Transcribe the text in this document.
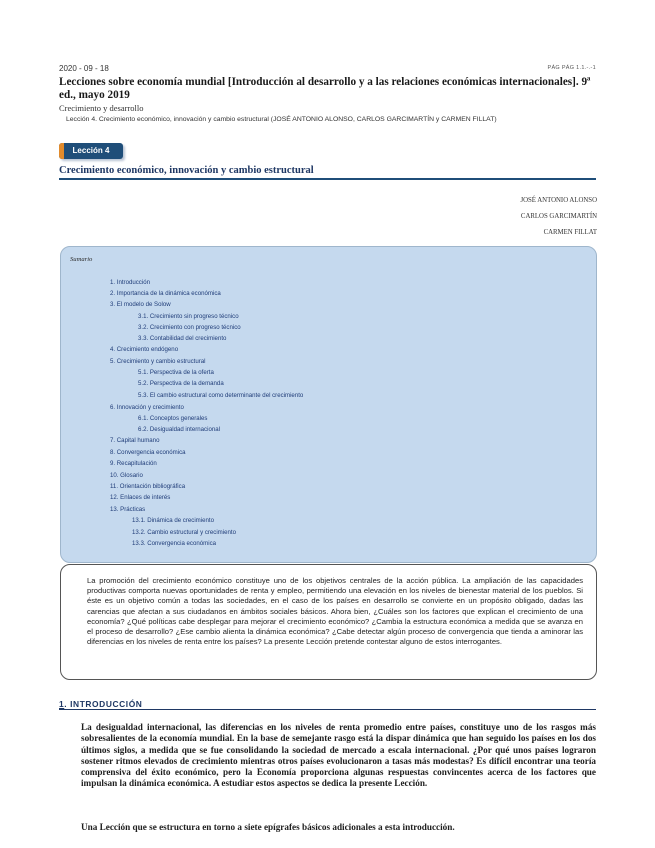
2020 - 09 - 18	PÁG PÁG 1.1.-.-1
Lecciones sobre economía mundial [Introducción al desarrollo y a las relaciones económicas internacionales]. 9ª ed., mayo 2019
Crecimiento y desarrollo
Lección 4. Crecimiento económico, innovación y cambio estructural (JOSÉ ANTONIO ALONSO, CARLOS GARCIMARTÍN y CARMEN FILLAT)
Lección 4
Crecimiento económico, innovación y cambio estructural
JOSÉ ANTONIO ALONSO
CARLOS GARCIMARTÍN
CARMEN FILLAT
Sumario
1. Introducción
2. Importancia de la dinámica económica
3. El modelo de Solow
3.1. Crecimiento sin progreso técnico
3.2. Crecimiento con progreso técnico
3.3. Contabilidad del crecimiento
4. Crecimiento endógeno
5. Crecimiento y cambio estructural
5.1. Perspectiva de la oferta
5.2. Perspectiva de la demanda
5.3. El cambio estructural como determinante del crecimiento
6. Innovación y crecimiento
6.1. Conceptos generales
6.2. Desigualdad internacional
7. Capital humano
8. Convergencia económica
9. Recapitulación
10. Glosario
11. Orientación bibliográfica
12. Enlaces de interés
13. Prácticas
13.1. Dinámica de crecimiento
13.2. Cambio estructural y crecimiento
13.3. Convergencia económica
La promoción del crecimiento económico constituye uno de los objetivos centrales de la acción pública. La ampliación de las capacidades productivas comporta nuevas oportunidades de renta y empleo, permitiendo una elevación en los niveles de bienestar material de los pueblos. Si éste es un objetivo común a todas las sociedades, en el caso de los países en desarrollo se convierte en un propósito obligado, dadas las carencias que afectan a sus ciudadanos en ámbitos sociales básicos. Ahora bien, ¿Cuáles son los factores que explican el crecimiento de una economía? ¿Qué políticas cabe desplegar para mejorar el crecimiento económico? ¿Cambia la estructura económica a medida que se avanza en el proceso de desarrollo? ¿Ese cambio alienta la dinámica económica? ¿Cabe detectar algún proceso de convergencia que tienda a aminorar las diferencias en los niveles de renta entre los países? La presente Lección pretende contestar alguno de estos interrogantes.
1. INTRODUCCIÓN
La desigualdad internacional, las diferencias en los niveles de renta promedio entre países, constituye uno de los rasgos más sobresalientes de la economía mundial. En la base de semejante rasgo está la dispar dinámica que han seguido los países en los dos últimos siglos, a medida que se fue consolidando la sociedad de mercado a escala internacional. ¿Por qué unos países lograron sostener ritmos elevados de crecimiento mientras otros países evolucionaron a tasas más modestas? Es difícil encontrar una teoría comprensiva del éxito económico, pero la Economía proporciona algunas respuestas convincentes acerca de los factores que impulsan la dinámica económica. A estudiar estos aspectos se dedica la presente Lección.
Una Lección que se estructura en torno a siete epígrafes básicos adicionales a esta introducción.
